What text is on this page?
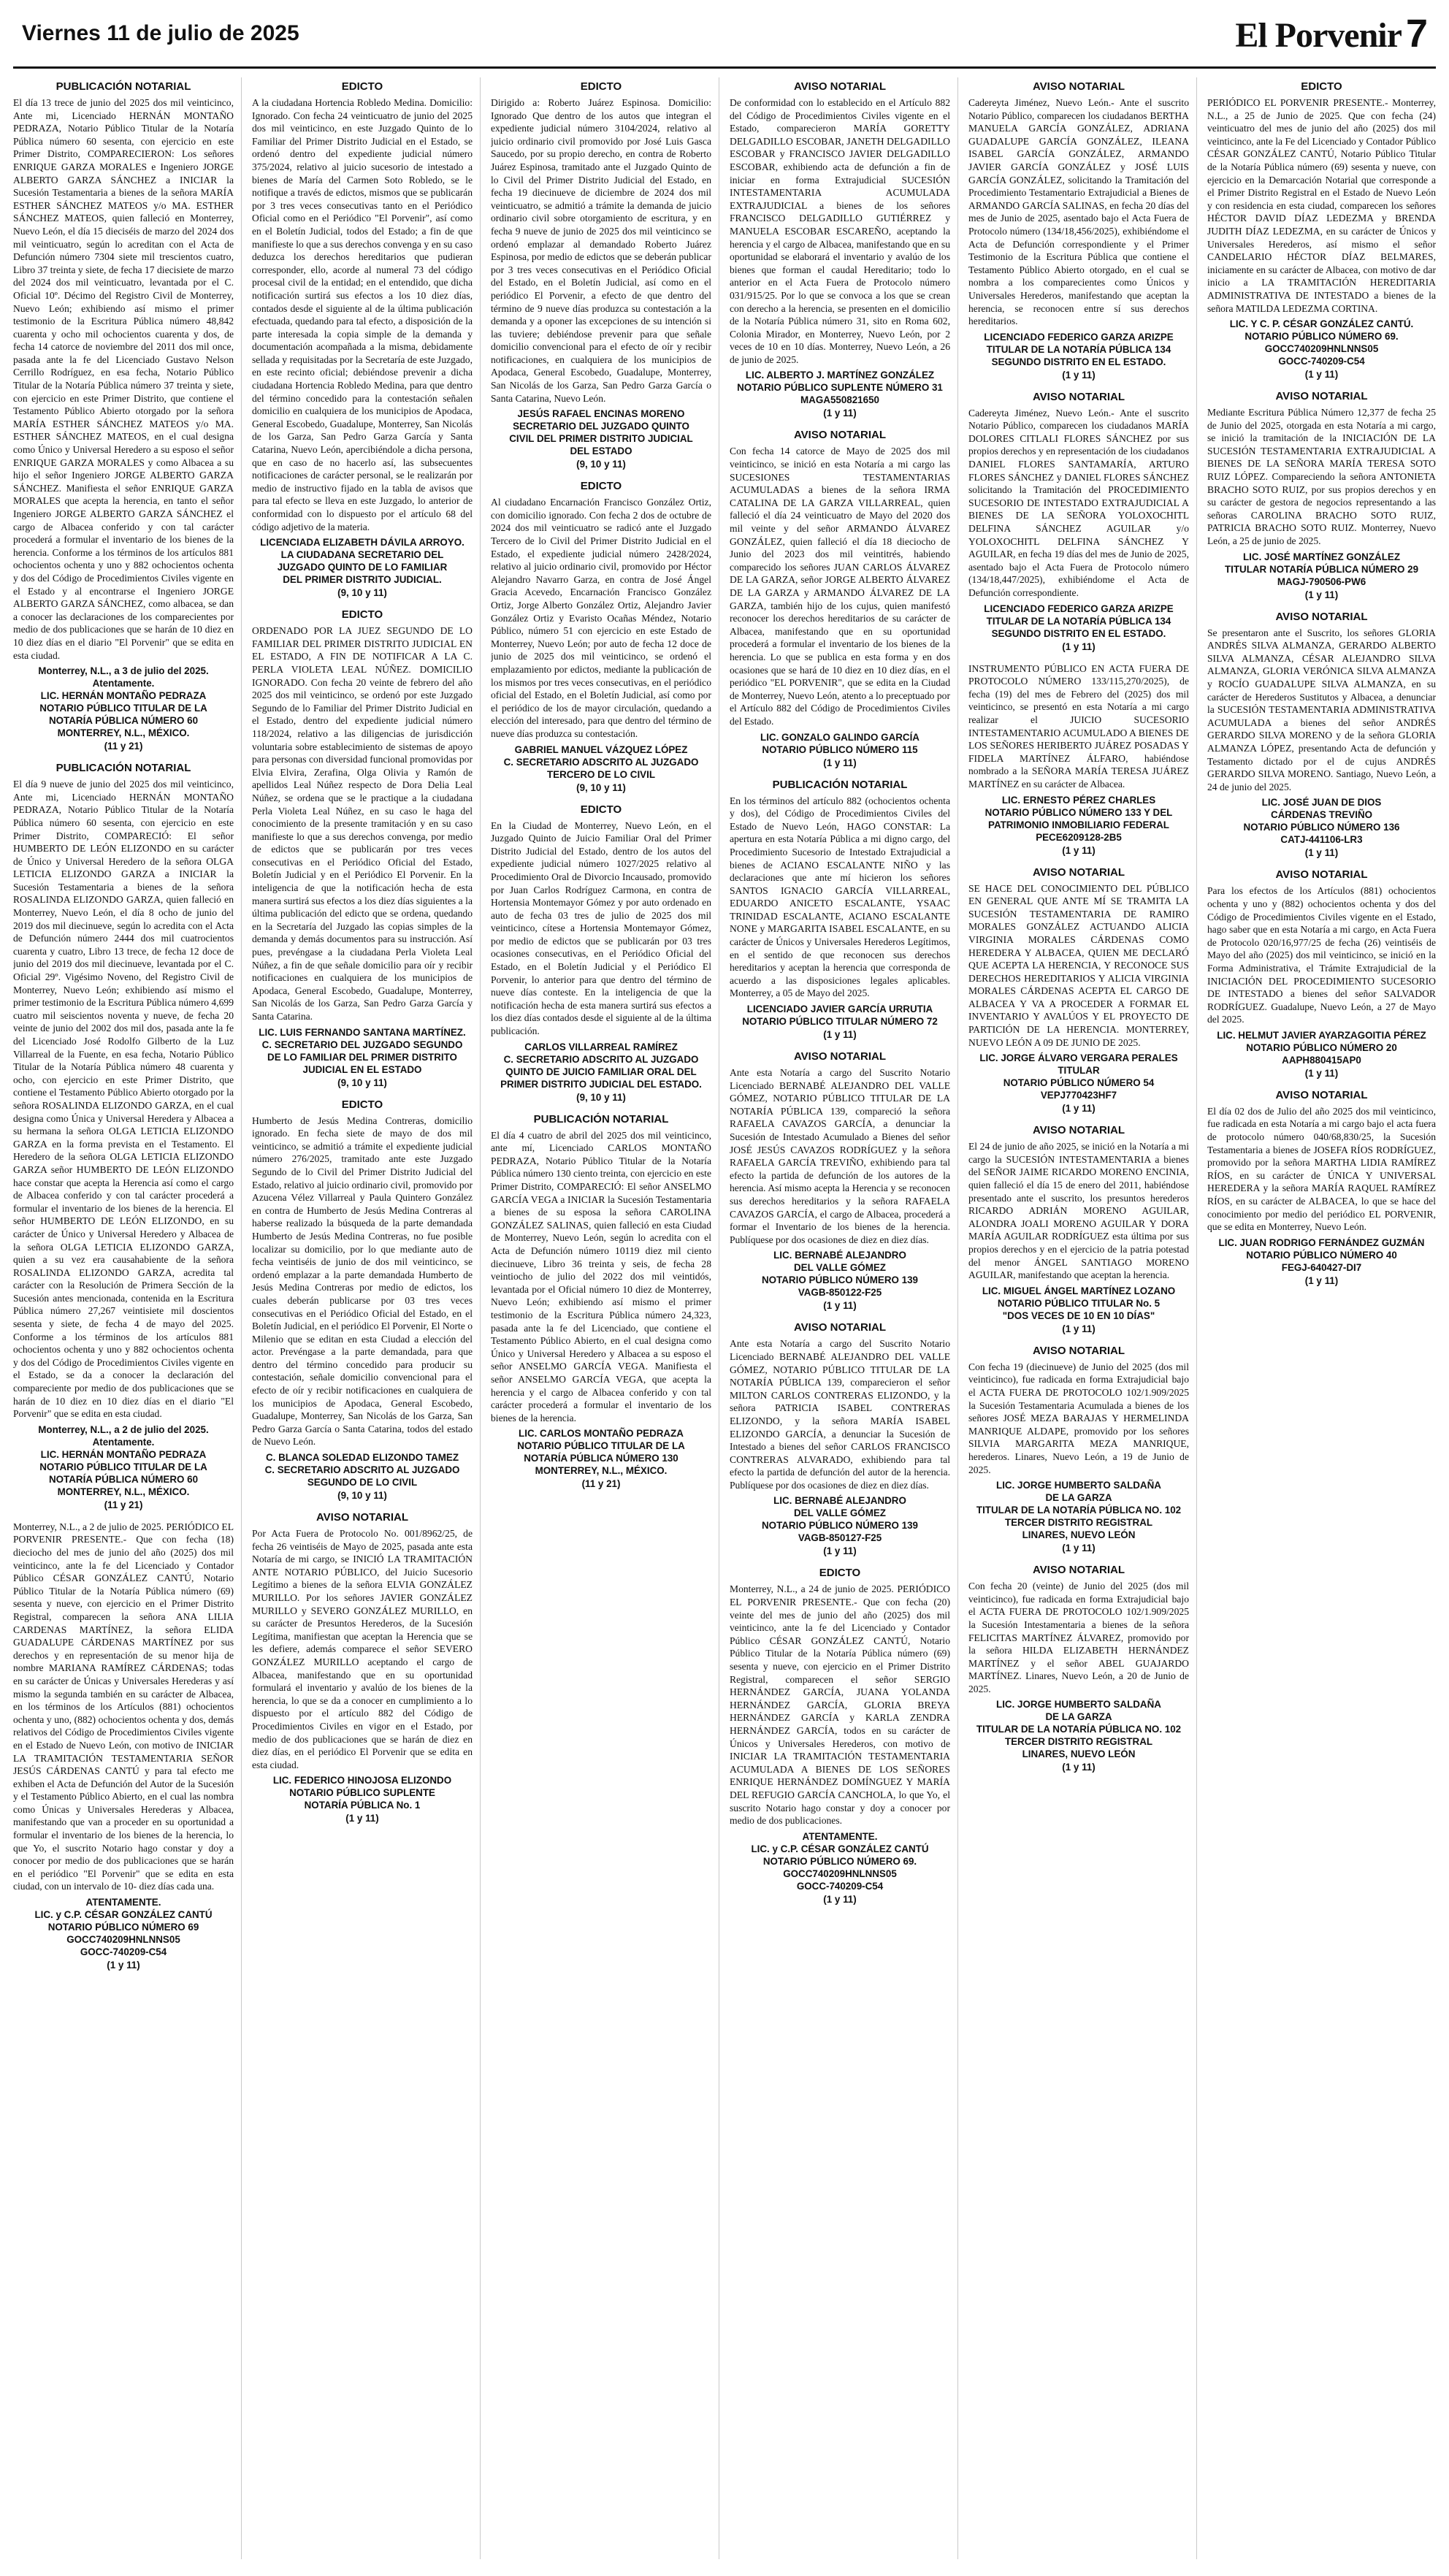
Viernes 11 de julio de 2025	El Porvenir 7
PUBLICACIÓN NOTARIAL

El día 13 trece de junio del 2025 dos mil veinticinco, Ante mi, Licenciado HERNÁN MONTAÑO PEDRAZA, Notario Público Titular de la Notaría Pública número 60 sesenta, con ejercicio en este Primer Distrito, COMPARECIERON: Los señores ENRIQUE GARZA MORALES e Ingeniero JORGE ALBERTO GARZA SÁNCHEZ a INICIAR la Sucesión Testamentaria a bienes de la señora MARÍA ESTHER SÁNCHEZ MATEOS y/o MA. ESTHER SÁNCHEZ MATEOS, quien falleció en Monterrey, Nuevo León, el día 15 dieciséis de marzo del 2024 dos mil veinticuatro, según lo acreditan con el Acta de Defunción número 7304 siete mil trescientos cuatro, Libro 37 treinta y siete, de fecha 17 diecisiete de marzo del 2024 dos mil veinticuatro, levantada por el C. Oficial 10º. Décimo del Registro Civil de Monterrey, Nuevo León; exhibiendo así mismo el primer testimonio de la Escritura Pública número 48,842 cuarenta y ocho mil ochocientos cuarenta y dos, de fecha 14 catorce de noviembre del 2011 dos mil once, pasada ante la fe del Licenciado Gustavo Nelson Cerrillo Rodríguez, en esa fecha, Notario Público Titular de la Notaría Pública número 37 treinta y siete, con ejercicio en este Primer Distrito, que contiene el Testamento Público Abierto otorgado por la señora MARÍA ESTHER SÁNCHEZ MATEOS y/o MA. ESTHER SÁNCHEZ MATEOS, en el cual designa como Único y Universal Heredero a su esposo el señor ENRIQUE GARZA MORALES y como Albacea a su hijo el señor Ingeniero JORGE ALBERTO GARZA SÁNCHEZ. Manifiesta el señor ENRIQUE GARZA MORALES que acepta la herencia, en tanto el señor Ingeniero JORGE ALBERTO GARZA SÁNCHEZ el cargo de Albacea conferido y con tal carácter procederá a formular el inventario de los bienes de la herencia. Conforme a los términos de los artículos 881 ochocientos ochenta y uno y 882 ochocientos ochenta y dos del Código de Procedimientos Civiles vigente en el Estado y al encontrarse el Ingeniero JORGE ALBERTO GARZA SÁNCHEZ, como albacea, se dan a conocer las declaraciones de los comparecientes por medio de dos publicaciones que se harán de 10 diez en 10 diez días en el diario "El Porvenir" que se edita en esta ciudad.

Monterrey, N.L., a 3 de julio del 2025.
Atentamente.
LIC. HERNÁN MONTAÑO PEDRAZA
NOTARIO PÚBLICO TITULAR DE LA
NOTARÍA PÚBLICA NÚMERO 60
MONTERREY, N.L., MÉXICO.
(11 y 21)
PUBLICACIÓN NOTARIAL

El día 9 nueve de junio del 2025 dos mil veinticinco, Ante mi, Licenciado HERNÁN MONTAÑO PEDRAZA, Notario Público Titular de la Notaría Pública número 60 sesenta, con ejercicio en este Primer Distrito, COMPARECIÓ: El señor HUMBERTO DE LEÓN ELIZONDO en su carácter de Único y Universal Heredero de la señora OLGA LETICIA ELIZONDO GARZA a INICIAR la Sucesión Testamentaria a bienes de la señora ROSALINDA ELIZONDO GARZA, quien falleció en Monterrey, Nuevo León, el día 8 ocho de junio del 2019 dos mil diecinueve, según lo acredita con el Acta de Defunción número 2444 dos mil cuatrocientos cuarenta y cuatro, Libro 13 trece, de fecha 12 doce de junio del 2019 dos mil diecinueve, levantada por el C. Oficial 29º. Vigésimo Noveno, del Registro Civil de Monterrey, Nuevo León; exhibiendo así mismo el primer testimonio de la Escritura Pública número 4,699 cuatro mil seiscientos noventa y nueve, de fecha 20 veinte de junio del 2002 dos mil dos, pasada ante la fe del Licenciado José Rodolfo Gilberto de la Luz Villarreal de la Fuente, en esa fecha, Notario Público Titular de la Notaría Pública número 48 cuarenta y ocho, con ejercicio en este Primer Distrito, que contiene el Testamento Público Abierto otorgado por la señora ROSALINDA ELIZONDO GARZA, en el cual designa como Única y Universal Heredera y Albacea a su hermana la señora OLGA LETICIA ELIZONDO GARZA en la forma prevista en el Testamento. El Heredero de la señora OLGA LETICIA ELIZONDO GARZA señor HUMBERTO DE LEÓN ELIZONDO hace constar que acepta la Herencia así como el cargo de Albacea conferido y con tal carácter procederá a formular el inventario de los bienes de la herencia. El señor HUMBERTO DE LEÓN ELIZONDO, en su carácter de Único y Universal Heredero y Albacea de la señora OLGA LETICIA ELIZONDO GARZA, quien a su vez era causahabiente de la señora ROSALINDA ELIZONDO GARZA, acredita tal carácter con la Resolución de Primera Sección de la Sucesión antes mencionada, contenida en la Escritura Pública número 27,267 veintisiete mil doscientos sesenta y siete, de fecha 4 de mayo del 2025. Conforme a los términos de los artículos 881 ochocientos ochenta y uno y 882 ochocientos ochenta y dos del Código de Procedimientos Civiles vigente en el Estado, se da a conocer la declaración del compareciente por medio de dos publicaciones que se harán de 10 diez en 10 diez días en el diario "El Porvenir" que se edita en esta ciudad.

Monterrey, N.L., a 2 de julio del 2025.
Atentamente.
LIC. HERNÁN MONTAÑO PEDRAZA
NOTARIO PÚBLICO TITULAR DE LA
NOTARÍA PÚBLICA NÚMERO 60
MONTERREY, N.L., MÉXICO.
(11 y 21)

Monterrey, N.L., a 2 de julio de 2025. PERIÓDICO EL PORVENIR PRESENTE.- Que con fecha (18) dieciocho del mes de junio del año (2025) dos mil veinticinco, ante la fe del Licenciado y Contador Público CÉSAR GONZÁLEZ CANTÚ, Notario Público Titular de la Notaría Pública número (69) sesenta y nueve, con ejercicio en el Primer Distrito Registral, comparecen la señora ANA LILIA CARDENAS MARTÍNEZ, la señora ELIDA GUADALUPE CÁRDENAS MARTÍNEZ por sus derechos y en representación de su menor hija de nombre MARIANA RAMÍREZ CÁRDENAS; todas en su carácter de Únicas y Universales Herederas y así mismo la segunda también en su carácter de Albacea, en los términos de los Artículos (881) ochocientos ochenta y uno, (882) ochocientos ochenta y dos, demás relativos del Código de Procedimientos Civiles vigente en el Estado de Nuevo León, con motivo de INICIAR LA TRAMITACIÓN TESTAMENTARIA SEÑOR JESÚS CÁRDENAS CANTÚ y para tal efecto me exhiben el Acta de Defunción del Autor de la Sucesión y el Testamento Público Abierto, en el cual las nombra como Únicas y Universales Herederas y Albacea, manifestando que van a proceder en su oportunidad a formular el inventario de los bienes de la herencia, lo que Yo, el suscrito Notario hago constar y doy a conocer por medio de dos publicaciones que se harán en el periódico "El Porvenir" que se edita en esta ciudad, con un intervalo de 10- diez días cada una.

ATENTAMENTE.
LIC. y C.P. CÉSAR GONZÁLEZ CANTÚ
NOTARIO PÚBLICO NÚMERO 69
GOCC740209HNLNNS05
GOCC-740209-C54
(1 y 11)
EDICTO

A la ciudadana Hortencia Robledo Medina. Domicilio: Ignorado. Con fecha 24 veinticuatro de junio del 2025 dos mil veinticinco, en este Juzgado Quinto de lo Familiar del Primer Distrito Judicial en el Estado, se ordenó dentro del expediente judicial número 375/2024, relativo al juicio sucesorio de intestado a bienes de María del Carmen Soto Robledo, se le notifique a través de edictos, mismos que se publicarán por 3 tres veces consecutivas tanto en el Periódico Oficial como en el Periódico "El Porvenir", así como en el Boletín Judicial, todos del Estado; a fin de que manifieste lo que a sus derechos convenga y en su caso deduzca los derechos hereditarios que pudieran corresponder, ello, acorde al numeral 73 del código procesal civil de la entidad; en el entendido, que dicha notificación surtirá sus efectos a los 10 diez días, contados desde el siguiente al de la última publicación efectuada, quedando para tal efecto, a disposición de la parte interesada la copia simple de la demanda y documentación acompañada a la misma, debidamente sellada y requisitadas por la Secretaría de este Juzgado, en este recinto oficial; debiéndose prevenir a dicha ciudadana Hortencia Robledo Medina, para que dentro del término concedido para la contestación señalen domicilio en cualquiera de los municipios de Apodaca, General Escobedo, Guadalupe, Monterrey, San Nicolás de los Garza, San Pedro Garza García y Santa Catarina, Nuevo León, apercibiéndole a dicha persona, que en caso de no hacerlo así, las subsecuentes notificaciones de carácter personal, se le realizarán por medio de instructivo fijado en la tabla de avisos que para tal efecto se lleva en este Juzgado, lo anterior de conformidad con lo dispuesto por el artículo 68 del código adjetivo de la materia.

LICENCIADA ELIZABETH DÁVILA ARROYO.
LA CIUDADANA SECRETARIO DEL
JUZGADO QUINTO DE LO FAMILIAR
DEL PRIMER DISTRITO JUDICIAL.
(9, 10 y 11)
EDICTO

ORDENADO POR LA JUEZ SEGUNDO DE LO FAMILIAR DEL PRIMER DISTRITO JUDICIAL EN EL ESTADO, A FIN DE NOTIFICAR A LA C. PERLA VIOLETA LEAL NÚÑEZ. DOMICILIO IGNORADO. Con fecha 20 veinte de febrero del año 2025 dos mil veinticinco, se ordenó por este Juzgado Segundo de lo Familiar del Primer Distrito Judicial en el Estado, dentro del expediente judicial número 118/2024, relativo a las diligencias de jurisdicción voluntaria sobre establecimiento de sistemas de apoyo para personas con diversidad funcional promovidas por Elvia Elvira, Zerafina, Olga Olivia y Ramón de apellidos Leal Núñez respecto de Dora Delia Leal Núñez, se ordena que se le practique a la ciudadana Perla Violeta Leal Núñez, en su caso le haga del conocimiento de la presente tramitación y en su caso manifieste lo que a sus derechos convenga, por medio de edictos que se publicarán por tres veces consecutivas en el Periódico Oficial del Estado, Boletín Judicial y en el Periódico El Porvenir. En la inteligencia de que la notificación hecha de esta manera surtirá sus efectos a los diez días siguientes a la última publicación del edicto que se ordena, quedando en la Secretaría del Juzgado las copias simples de la demanda y demás documentos para su instrucción. Así pues, prevéngase a la ciudadana Perla Violeta Leal Núñez, a fin de que señale domicilio para oír y recibir notificaciones en cualquiera de los municipios de Apodaca, General Escobedo, Guadalupe, Monterrey, San Nicolás de los Garza, San Pedro Garza García y Santa Catarina.

LIC. LUIS FERNANDO SANTANA MARTÍNEZ.
C. SECRETARIO DEL JUZGADO SEGUNDO
DE LO FAMILIAR DEL PRIMER DISTRITO
JUDICIAL EN EL ESTADO
(9, 10 y 11)
EDICTO

Humberto de Jesús Medina Contreras, domicilio ignorado. En fecha siete de mayo de dos mil veinticinco, se admitió a trámite el expediente judicial número 276/2025, tramitado ante este Juzgado Segundo de lo Civil del Primer Distrito Judicial del Estado, relativo al juicio ordinario civil, promovido por Azucena Vélez Villarreal y Paula Quintero González en contra de Humberto de Jesús Medina Contreras al haberse realizado la búsqueda de la parte demandada Humberto de Jesús Medina Contreras, no fue posible localizar su domicilio, por lo que mediante auto de fecha veintiséis de junio de dos mil veinticinco, se ordenó emplazar a la parte demandada Humberto de Jesús Medina Contreras por medio de edictos, los cuales deberán publicarse por 03 tres veces consecutivas en el Periódico Oficial del Estado, en el Boletín Judicial, en el periódico El Porvenir, El Norte o Milenio que se editan en esta Ciudad a elección del actor. Prevéngase a la parte demandada, para que dentro del término concedido para producir su contestación, señale domicilio convencional para el efecto de oír y recibir notificaciones en cualquiera de los municipios de Apodaca, General Escobedo, Guadalupe, Monterrey, San Nicolás de los Garza, San Pedro Garza García o Santa Catarina, todos del estado de Nuevo León.

C. BLANCA SOLEDAD ELIZONDO TAMEZ
C. SECRETARIO ADSCRITO AL JUZGADO
SEGUNDO DE LO CIVIL
(9, 10 y 11)
AVISO NOTARIAL

Por Acta Fuera de Protocolo No. 001/8962/25, de fecha 26 veintiséis de Mayo de 2025, pasada ante esta Notaría de mi cargo, se INICIÓ LA TRAMITACIÓN ANTE NOTARIO PÚBLICO, del Juicio Sucesorio Legítimo a bienes de la señora ELVIA GONZÁLEZ MURILLO. Por los señores JAVIER GONZÁLEZ MURILLO y SEVERO GONZÁLEZ MURILLO, en su carácter de Presuntos Herederos, de la Sucesión Legítima, manifiestan que aceptan la Herencia que se les defiere, además comparece el señor SEVERO GONZÁLEZ MURILLO aceptando el cargo de Albacea, manifestando que en su oportunidad formulará el inventario y avalúo de los bienes de la herencia, lo que se da a conocer en cumplimiento a lo dispuesto por el artículo 882 del Código de Procedimientos Civiles en vigor en el Estado, por medio de dos publicaciones que se harán de diez en diez días, en el periódico El Porvenir que se edita en esta ciudad.

LIC. FEDERICO HINOJOSA ELIZONDO
NOTARIO PÚBLICO SUPLENTE
NOTARÍA PÚBLICA No. 1
(1 y 11)
EDICTO

Dirigido a: Roberto Juárez Espinosa. Domicilio: Ignorado Que dentro de los autos que integran el expediente judicial número 3104/2024, relativo al juicio ordinario civil promovido por José Luis Gasca Saucedo, por su propio derecho, en contra de Roberto Juárez Espinosa, tramitado ante el Juzgado Quinto de lo Civil del Primer Distrito Judicial del Estado, en fecha 19 diecinueve de diciembre de 2024 dos mil veinticuatro, se admitió a trámite la demanda de juicio ordinario civil sobre otorgamiento de escritura, y en fecha 9 nueve de junio de 2025 dos mil veinticinco se ordenó emplazar al demandado Roberto Juárez Espinosa, por medio de edictos que se deberán publicar por 3 tres veces consecutivas en el Periódico Oficial del Estado, en el Boletín Judicial, así como en el periódico El Porvenir, a efecto de que dentro del término de 9 nueve días produzca su contestación a la demanda y a oponer las excepciones de su intención si las tuviere; debiéndose prevenir para que señale domicilio convencional para el efecto de oír y recibir notificaciones, en cualquiera de los municipios de Apodaca, General Escobedo, Guadalupe, Monterrey, San Nicolás de los Garza, San Pedro Garza García o Santa Catarina, Nuevo León.

JESÚS RAFAEL ENCINAS MORENO
SECRETARIO DEL JUZGADO QUINTO
CIVIL DEL PRIMER DISTRITO JUDICIAL
DEL ESTADO
(9, 10 y 11)
EDICTO

Al ciudadano Encarnación Francisco González Ortiz, con domicilio ignorado. Con fecha 2 dos de octubre de 2024 dos mil veinticuatro se radicó ante el Juzgado Tercero de lo Civil del Primer Distrito Judicial en el Estado, el expediente judicial número 2428/2024, relativo al juicio ordinario civil, promovido por Héctor Alejandro Navarro Garza, en contra de José Ángel Gracia Acevedo, Encarnación Francisco González Ortiz, Jorge Alberto González Ortiz, Alejandro Javier González Ortiz y Evaristo Ocañas Méndez, Notario Público, número 51 con ejercicio en este Estado de Monterrey, Nuevo León; por auto de fecha 12 doce de junio de 2025 dos mil veinticinco, se ordenó el emplazamiento por edictos, mediante la publicación de los mismos por tres veces consecutivas, en el periódico oficial del Estado, en el Boletín Judicial, así como por el periódico de los de mayor circulación, quedando a elección del interesado, para que dentro del término de nueve días produzca su contestación.

GABRIEL MANUEL VÁZQUEZ LÓPEZ
C. SECRETARIO ADSCRITO AL JUZGADO
TERCERO DE LO CIVIL
(9, 10 y 11)
EDICTO

En la Ciudad de Monterrey, Nuevo León, en el Juzgado Quinto de Juicio Familiar Oral del Primer Distrito Judicial del Estado, dentro de los autos del expediente judicial número 1027/2025 relativo al Procedimiento Oral de Divorcio Incausado, promovido por Juan Carlos Rodríguez Carmona, en contra de Hortensia Montemayor Gómez y por auto ordenado en auto de fecha 03 tres de julio de 2025 dos mil veinticinco, cítese a Hortensia Montemayor Gómez, por medio de edictos que se publicarán por 03 tres ocasiones consecutivas, en el Periódico Oficial del Estado, en el Boletín Judicial y el Periódico El Porvenir, lo anterior para que dentro del término de nueve días conteste. En la inteligencia de que la notificación hecha de esta manera surtirá sus efectos a los diez días contados desde el siguiente al de la última publicación.

CARLOS VILLARREAL RAMÍREZ
C. SECRETARIO ADSCRITO AL JUZGADO
QUINTO DE JUICIO FAMILIAR ORAL DEL
PRIMER DISTRITO JUDICIAL DEL ESTADO.
(9, 10 y 11)
PUBLICACIÓN NOTARIAL

El día 4 cuatro de abril del 2025 dos mil veinticinco, ante mí, Licenciado CARLOS MONTAÑO PEDRAZA, Notario Público Titular de la Notaría Pública número 130 ciento treinta, con ejercicio en este Primer Distrito, COMPARECIÓ: El señor ANSELMO GARCÍA VEGA a INICIAR la Sucesión Testamentaria a bienes de su esposa la señora CAROLINA GONZÁLEZ SALINAS, quien falleció en esta Ciudad de Monterrey, Nuevo León, según lo acredita con el Acta de Defunción número 10119 diez mil ciento diecinueve, Libro 36 treinta y seis, de fecha 28 veintiocho de julio del 2022 dos mil veintidós, levantada por el Oficial número 10 diez de Monterrey, Nuevo León; exhibiendo así mismo el primer testimonio de la Escritura Pública número 24,323, pasada ante la fe del Licenciado, que contiene el Testamento Público Abierto, en el cual designa como Único y Universal Heredero y Albacea a su esposo el señor ANSELMO GARCÍA VEGA. Manifiesta el señor ANSELMO GARCÍA VEGA, que acepta la herencia y el cargo de Albacea conferido y con tal carácter procederá a formular el inventario de los bienes de la herencia.

LIC. CARLOS MONTAÑO PEDRAZA
NOTARIO PÚBLICO TITULAR DE LA
NOTARÍA PÚBLICA NÚMERO 130
MONTERREY, N.L., MÉXICO.
(11 y 21)
AVISO NOTARIAL

De conformidad con lo establecido en el Artículo 882 del Código de Procedimientos Civiles vigente en el Estado, comparecieron MARÍA GORETTY DELGADILLO ESCOBAR, JANETH DELGADILLO ESCOBAR y FRANCISCO JAVIER DELGADILLO ESCOBAR, exhibiendo acta de defunción a fin de iniciar en forma Extrajudicial SUCESIÓN INTESTAMENTARIA ACUMULADA EXTRAJUDICIAL a bienes de los señores FRANCISCO DELGADILLO GUTIÉRREZ y MANUELA ESCOBAR ESCAREÑO, aceptando la herencia y el cargo de Albacea, manifestando que en su oportunidad se elaborará el inventario y avalúo de los bienes que forman el caudal Hereditario; todo lo anterior en el Acta Fuera de Protocolo número 031/915/25. Por lo que se convoca a los que se crean con derecho a la herencia, se presenten en el domicilio de la Notaría Pública número 31, sito en Roma 602, Colonia Mirador, en Monterrey, Nuevo León, por 2 veces de 10 en 10 días. Monterrey, Nuevo León, a 26 de junio de 2025.

LIC. ALBERTO J. MARTÍNEZ GONZÁLEZ
NOTARIO PÚBLICO SUPLENTE NÚMERO 31
MAGA550821650
(1 y 11)
AVISO NOTARIAL

Con fecha 14 catorce de Mayo de 2025 dos mil veinticinco, se inició en esta Notaría a mi cargo las SUCESIONES TESTAMENTARIAS ACUMULADAS a bienes de la señora IRMA CATALINA DE LA GARZA VILLARREAL, quien falleció el día 24 veinticuatro de Mayo del 2020 dos mil veinte y del señor ARMANDO ÁLVAREZ GONZÁLEZ, quien falleció el día 18 dieciocho de Junio del 2023 dos mil veintitrés, habiendo comparecido los señores JUAN CARLOS ÁLVAREZ DE LA GARZA, señor JORGE ALBERTO ÁLVAREZ DE LA GARZA y ARMANDO ÁLVAREZ DE LA GARZA, también hijo de los cujus, quien manifestó reconocer los derechos hereditarios de su carácter de Albacea, manifestando que en su oportunidad procederá a formular el inventario de los bienes de la herencia. Lo que se publica en esta forma y en dos ocasiones que se hará de 10 diez en 10 diez días, en el periódico "EL PORVENIR", que se edita en la Ciudad de Monterrey, Nuevo León, atento a lo preceptuado por el Artículo 882 del Código de Procedimientos Civiles del Estado.

LIC. GONZALO GALINDO GARCÍA
NOTARIO PÚBLICO NÚMERO 115
(1 y 11)
PUBLICACIÓN NOTARIAL

En los términos del artículo 882 (ochocientos ochenta y dos), del Código de Procedimientos Civiles del Estado de Nuevo León, HAGO CONSTAR: La apertura en esta Notaría Pública a mi digno cargo, del Procedimiento Sucesorio de Intestado Extrajudicial a bienes de ACIANO ESCALANTE NIÑO y las declaraciones que ante mí hicieron los señores SANTOS IGNACIO GARCÍA VILLARREAL, EDUARDO ANICETO ESCALANTE, YSAAC TRINIDAD ESCALANTE, ACIANO ESCALANTE NONE y MARGARITA ISABEL ESCALANTE, en su carácter de Únicos y Universales Herederos Legítimos, en el sentido de que reconocen sus derechos hereditarios y aceptan la herencia que corresponda de acuerdo a las disposiciones legales aplicables. Monterrey, a 05 de Mayo del 2025.

LICENCIADO JAVIER GARCÍA URRUTIA
NOTARIO PÚBLICO TITULAR NÚMERO 72
(1 y 11)
AVISO NOTARIAL

Ante esta Notaría a cargo del Suscrito Notario Licenciado BERNABÉ ALEJANDRO DEL VALLE GÓMEZ, NOTARIO PÚBLICO TITULAR DE LA NOTARÍA PÚBLICA 139, compareció la señora RAFAELA CAVAZOS GARCÍA, a denunciar la Sucesión de Intestado Acumulado a Bienes del señor JOSÉ JESÚS CAVAZOS RODRÍGUEZ y la señora RAFAELA GARCÍA TREVIÑO, exhibiendo para tal efecto la partida de defunción de los autores de la herencia. Así mismo acepta la Herencia y se reconocen sus derechos hereditarios y la señora RAFAELA CAVAZOS GARCÍA, el cargo de Albacea, procederá a formar el Inventario de los bienes de la herencia. Publíquese por dos ocasiones de diez en diez días.

LIC. BERNABÉ ALEJANDRO
DEL VALLE GÓMEZ
NOTARIO PÚBLICO NÚMERO 139
VAGB-850122-F25
(1 y 11)
AVISO NOTARIAL

Ante esta Notaría a cargo del Suscrito Notario Licenciado BERNABÉ ALEJANDRO DEL VALLE GÓMEZ, NOTARIO PÚBLICO TITULAR DE LA NOTARÍA PÚBLICA 139, comparecieron el señor MILTON CARLOS CONTRERAS ELIZONDO, y la señora PATRICIA ISABEL CONTRERAS ELIZONDO, y la señora MARÍA ISABEL ELIZONDO GARCÍA, a denunciar la Sucesión de Intestado a bienes del señor CARLOS FRANCISCO CONTRERAS ALVARADO, exhibiendo para tal efecto la partida de defunción del autor de la herencia. Publíquese por dos ocasiones de diez en diez días.

LIC. BERNABÉ ALEJANDRO
DEL VALLE GÓMEZ
NOTARIO PÚBLICO NÚMERO 139
VAGB-850127-F25
(1 y 11)
EDICTO

Monterrey, N.L., a 24 de junio de 2025. PERIÓDICO EL PORVENIR PRESENTE.- Que con fecha (20) veinte del mes de junio del año (2025) dos mil veinticinco, ante la fe del Licenciado y Contador Público CÉSAR GONZÁLEZ CANTÚ, Notario Público Titular de la Notaría Pública número (69) sesenta y nueve, con ejercicio en el Primer Distrito Registral, comparecen el señor SERGIO HERNÁNDEZ GARCÍA, JUANA YOLANDA HERNÁNDEZ GARCÍA, GLORIA BREYA HERNÁNDEZ GARCÍA y KARLA ZENDRA HERNÁNDEZ GARCÍA, todos en su carácter de Únicos y Universales Herederos, con motivo de INICIAR LA TRAMITACIÓN TESTAMENTARIA ACUMULADA A BIENES DE LOS SEÑORES ENRIQUE HERNÁNDEZ DOMÍNGUEZ Y MARÍA DEL REFUGIO GARCÍA CANCHOLA, lo que Yo, el suscrito Notario hago constar y doy a conocer por medio de dos publicaciones.

ATENTAMENTE.
LIC. y C.P. CÉSAR GONZÁLEZ CANTÚ
NOTARIO PÚBLICO NÚMERO 69.
GOCC740209HNLNNS05
GOCC-740209-C54
(1 y 11)
AVISO NOTARIAL

Cadereyta Jiménez, Nuevo León.- Ante el suscrito Notario Público, comparecen los ciudadanos BERTHA MANUELA GARCÍA GONZÁLEZ, ADRIANA GUADALUPE GARCÍA GONZÁLEZ, ILEANA ISABEL GARCÍA GONZÁLEZ, ARMANDO JAVIER GARCÍA GONZÁLEZ y JOSÉ LUIS GARCÍA GONZÁLEZ, solicitando la Tramitación del Procedimiento Testamentario Extrajudicial a Bienes de ARMANDO GARCÍA SALINAS, en fecha 20 días del mes de Junio de 2025, asentado bajo el Acta Fuera de Protocolo número (134/18,456/2025), exhibiéndome el Acta de Defunción correspondiente y el Primer Testimonio de la Escritura Pública que contiene el Testamento Público Abierto otorgado, en el cual se nombra a los comparecientes como Únicos y Universales Herederos, manifestando que aceptan la herencia, se reconocen entre sí sus derechos hereditarios.

LICENCIADO FEDERICO GARZA ARIZPE
TITULAR DE LA NOTARÍA PÚBLICA 134
SEGUNDO DISTRITO EN EL ESTADO.
(1 y 11)
AVISO NOTARIAL

Cadereyta Jiménez, Nuevo León.- Ante el suscrito Notario Público, comparecen los ciudadanos MARÍA DOLORES CITLALI FLORES SÁNCHEZ por sus propios derechos y en representación de los ciudadanos DANIEL FLORES SANTAMARÍA, ARTURO FLORES SÁNCHEZ y DANIEL FLORES SÁNCHEZ solicitando la Tramitación del PROCEDIMIENTO SUCESORIO DE INTESTADO EXTRAJUDICIAL A BIENES DE LA SEÑORA YOLOXOCHITL DELFINA SÁNCHEZ AGUILAR y/o YOLOXOCHITL DELFINA SÁNCHEZ Y AGUILAR, en fecha 19 días del mes de Junio de 2025, asentado bajo el Acta Fuera de Protocolo número (134/18,447/2025), exhibiéndome el Acta de Defunción correspondiente.

LICENCIADO FEDERICO GARZA ARIZPE
TITULAR DE LA NOTARÍA PÚBLICA 134
SEGUNDO DISTRITO EN EL ESTADO.
(1 y 11)

INSTRUMENTO PÚBLICO EN ACTA FUERA DE PROTOCOLO NÚMERO 133/115,270/2025), de fecha (19) del mes de Febrero del (2025) dos mil veinticinco, se presentó en esta Notaría a mi cargo realizar el JUICIO SUCESORIO INTESTAMENTARIO ACUMULADO A BIENES DE LOS SEÑORES HERIBERTO JUÁREZ POSADAS Y FIDELA MARTÍNEZ ÁLFARO, habiéndose nombrado a la SEÑORA MARÍA TERESA JUÁREZ MARTÍNEZ en su carácter de Albacea.

LIC. ERNESTO PÉREZ CHARLES
NOTARIO PÚBLICO NÚMERO 133 Y DEL
PATRIMONIO INMOBILIARIO FEDERAL
PECE6209128-2B5
(1 y 11)
AVISO NOTARIAL

SE HACE DEL CONOCIMIENTO DEL PÚBLICO EN GENERAL QUE ANTE MÍ SE TRAMITA LA SUCESIÓN TESTAMENTARIA DE RAMIRO MORALES GONZÁLEZ ACTUANDO ALICIA VIRGINIA MORALES CÁRDENAS COMO HEREDERA Y ALBACEA, QUIEN ME DECLARÓ QUE ACEPTA LA HERENCIA, Y RECONOCE SUS DERECHOS HEREDITARIOS Y ALICIA VIRGINIA MORALES CÁRDENAS ACEPTA EL CARGO DE ALBACEA Y VA A PROCEDER A FORMAR EL INVENTARIO Y AVALÚOS Y EL PROYECTO DE PARTICIÓN DE LA HERENCIA. MONTERREY, NUEVO LEÓN A 09 DE JUNIO DE 2025.

LIC. JORGE ÁLVARO VERGARA PERALES
TITULAR
NOTARIO PÚBLICO NÚMERO 54
VEPJ770423HF7
(1 y 11)
AVISO NOTARIAL

El 24 de junio de año 2025, se inició en la Notaría a mi cargo la SUCESIÓN INTESTAMENTARIA a bienes del SEÑOR JAIME RICARDO MORENO ENCINIA, quien falleció el día 15 de enero del 2011, habiéndose presentado ante el suscrito, los presuntos herederos RICARDO ADRIÁN MORENO AGUILAR, ALONDRA JOALI MORENO AGUILAR Y DORA MARÍA AGUILAR RODRÍGUEZ esta última por sus propios derechos y en el ejercicio de la patria potestad del menor ÁNGEL SANTIAGO MORENO AGUILAR, manifestando que aceptan la herencia.

LIC. MIGUEL ÁNGEL MARTÍNEZ LOZANO
NOTARIO PÚBLICO TITULAR No. 5
"DOS VECES DE 10 EN 10 DÍAS"
(1 y 11)
AVISO NOTARIAL

Con fecha 19 (diecinueve) de Junio del 2025 (dos mil veinticinco), fue radicada en forma Extrajudicial bajo el ACTA FUERA DE PROTOCOLO 102/1.909/2025 la Sucesión Testamentaria Acumulada a bienes de los señores JOSÉ MEZA BARAJAS Y HERMELINDA MANRIQUE ALDAPE, promovido por los señores SILVIA MARGARITA MEZA MANRIQUE, herederos. Linares, Nuevo León, a 19 de Junio de 2025.

LIC. JORGE HUMBERTO SALDAÑA
DE LA GARZA
TITULAR DE LA NOTARÍA PÚBLICA NO. 102
TERCER DISTRITO REGISTRAL
LINARES, NUEVO LEÓN
(1 y 11)
AVISO NOTARIAL

Con fecha 20 (veinte) de Junio del 2025 (dos mil veinticinco), fue radicada en forma Extrajudicial bajo el ACTA FUERA DE PROTOCOLO 102/1.909/2025 la Sucesión Intestamentaria a bienes de la señora FELICITAS MARTÍNEZ ÁLVAREZ, promovido por la señora HILDA ELIZABETH HERNÁNDEZ MARTÍNEZ y el señor ABEL GUAJARDO MARTÍNEZ. Linares, Nuevo León, a 20 de Junio de 2025.

LIC. JORGE HUMBERTO SALDAÑA
DE LA GARZA
TITULAR DE LA NOTARÍA PÚBLICA NO. 102
TERCER DISTRITO REGISTRAL
LINARES, NUEVO LEÓN
(1 y 11)
EDICTO

PERIÓDICO EL PORVENIR PRESENTE.- Monterrey, N.L., a 25 de Junio de 2025. Que con fecha (24) veinticuatro del mes de junio del año (2025) dos mil veinticinco, ante la Fe del Licenciado y Contador Público CÉSAR GONZÁLEZ CANTÚ, Notario Público Titular de la Notaría Pública número (69) sesenta y nueve, con ejercicio en la Demarcación Notarial que corresponde a el Primer Distrito Registral en el Estado de Nuevo León y con residencia en esta ciudad, comparecen los señores HÉCTOR DAVID DÍAZ LEDEZMA y BRENDA JUDITH DÍAZ LEDEZMA, en su carácter de Únicos y Universales Herederos, así mismo el señor CANDELARIO HÉCTOR DÍAZ BELMARES, iniciamente en su carácter de Albacea, con motivo de dar inicio a LA TRAMITACIÓN HEREDITARIA ADMINISTRATIVA DE INTESTADO a bienes de la señora MATILDA LEDEZMA CORTINA.

LIC. Y C. P. CÉSAR GONZÁLEZ CANTÚ.
NOTARIO PÚBLICO NÚMERO 69.
GOCC740209HNLNNS05
GOCC-740209-C54
(1 y 11)
AVISO NOTARIAL

Mediante Escritura Pública Número 12,377 de fecha 25 de Junio del 2025, otorgada en esta Notaría a mi cargo, se inició la tramitación de la INICIACIÓN DE LA SUCESIÓN TESTAMENTARIA EXTRAJUDICIAL A BIENES DE LA SEÑORA MARÍA TERESA SOTO RUIZ LÓPEZ. Compareciendo la señora ANTONIETA BRACHO SOTO RUIZ, por sus propios derechos y en su carácter de gestora de negocios representando a las señoras CAROLINA BRACHO SOTO RUIZ, PATRICIA BRACHO SOTO RUIZ. Monterrey, Nuevo León, a 25 de junio de 2025.

LIC. JOSÉ MARTÍNEZ GONZÁLEZ
TITULAR NOTARÍA PÚBLICA NÚMERO 29
MAGJ-790506-PW6
(1 y 11)
AVISO NOTARIAL

Se presentaron ante el Suscrito, los señores GLORIA ANDRÉS SILVA ALMANZA, GERARDO ALBERTO SILVA ALMANZA, CÉSAR ALEJANDRO SILVA ALMANZA, GLORIA VERÓNICA SILVA ALMANZA y ROCÍO GUADALUPE SILVA ALMANZA, en su carácter de Herederos Sustitutos y Albacea, a denunciar la SUCESIÓN TESTAMENTARIA ADMINISTRATIVA ACUMULADA a bienes del señor ANDRÉS GERARDO SILVA MORENO y de la señora GLORIA ALMANZA LÓPEZ, presentando Acta de defunción y Testamento dictado por el de cujus ANDRÉS GERARDO SILVA MORENO. Santiago, Nuevo León, a 24 de junio del 2025.

LIC. JOSÉ JUAN DE DIOS
CÁRDENAS TREVIÑO
NOTARIO PÚBLICO NÚMERO 136
CATJ-441106-LR3
(1 y 11)
AVISO NOTARIAL

Para los efectos de los Artículos (881) ochocientos ochenta y uno y (882) ochocientos ochenta y dos del Código de Procedimientos Civiles vigente en el Estado, hago saber que en esta Notaría a mi cargo, en Acta Fuera de Protocolo 020/16,977/25 de fecha (26) veintiséis de Mayo del año (2025) dos mil veinticinco, se inició en la Forma Administrativa, el Trámite Extrajudicial de la INICIACIÓN DEL PROCEDIMIENTO SUCESORIO DE INTESTADO a bienes del señor SALVADOR RODRÍGUEZ. Guadalupe, Nuevo León, a 27 de Mayo del 2025.

LIC. HELMUT JAVIER AYARZAGOITIA PÉREZ
NOTARIO PÚBLICO NÚMERO 20
AAPH880415AP0
(1 y 11)
AVISO NOTARIAL

El día 02 dos de Julio del año 2025 dos mil veinticinco, fue radicada en esta Notaría a mi cargo bajo el acta fuera de protocolo número 040/68,830/25, la Sucesión Testamentaria a bienes de JOSEFA RÍOS RODRÍGUEZ, promovido por la señora MARTHA LIDIA RAMÍREZ RÍOS, en su carácter de ÚNICA Y UNIVERSAL HEREDERA y la señora MARÍA RAQUEL RAMÍREZ RÍOS, en su carácter de ALBACEA, lo que se hace del conocimiento por medio del periódico EL PORVENIR, que se edita en Monterrey, Nuevo León.

LIC. JUAN RODRIGO FERNÁNDEZ GUZMÁN
NOTARIO PÚBLICO NÚMERO 40
FEGJ-640427-DI7
(1 y 11)
